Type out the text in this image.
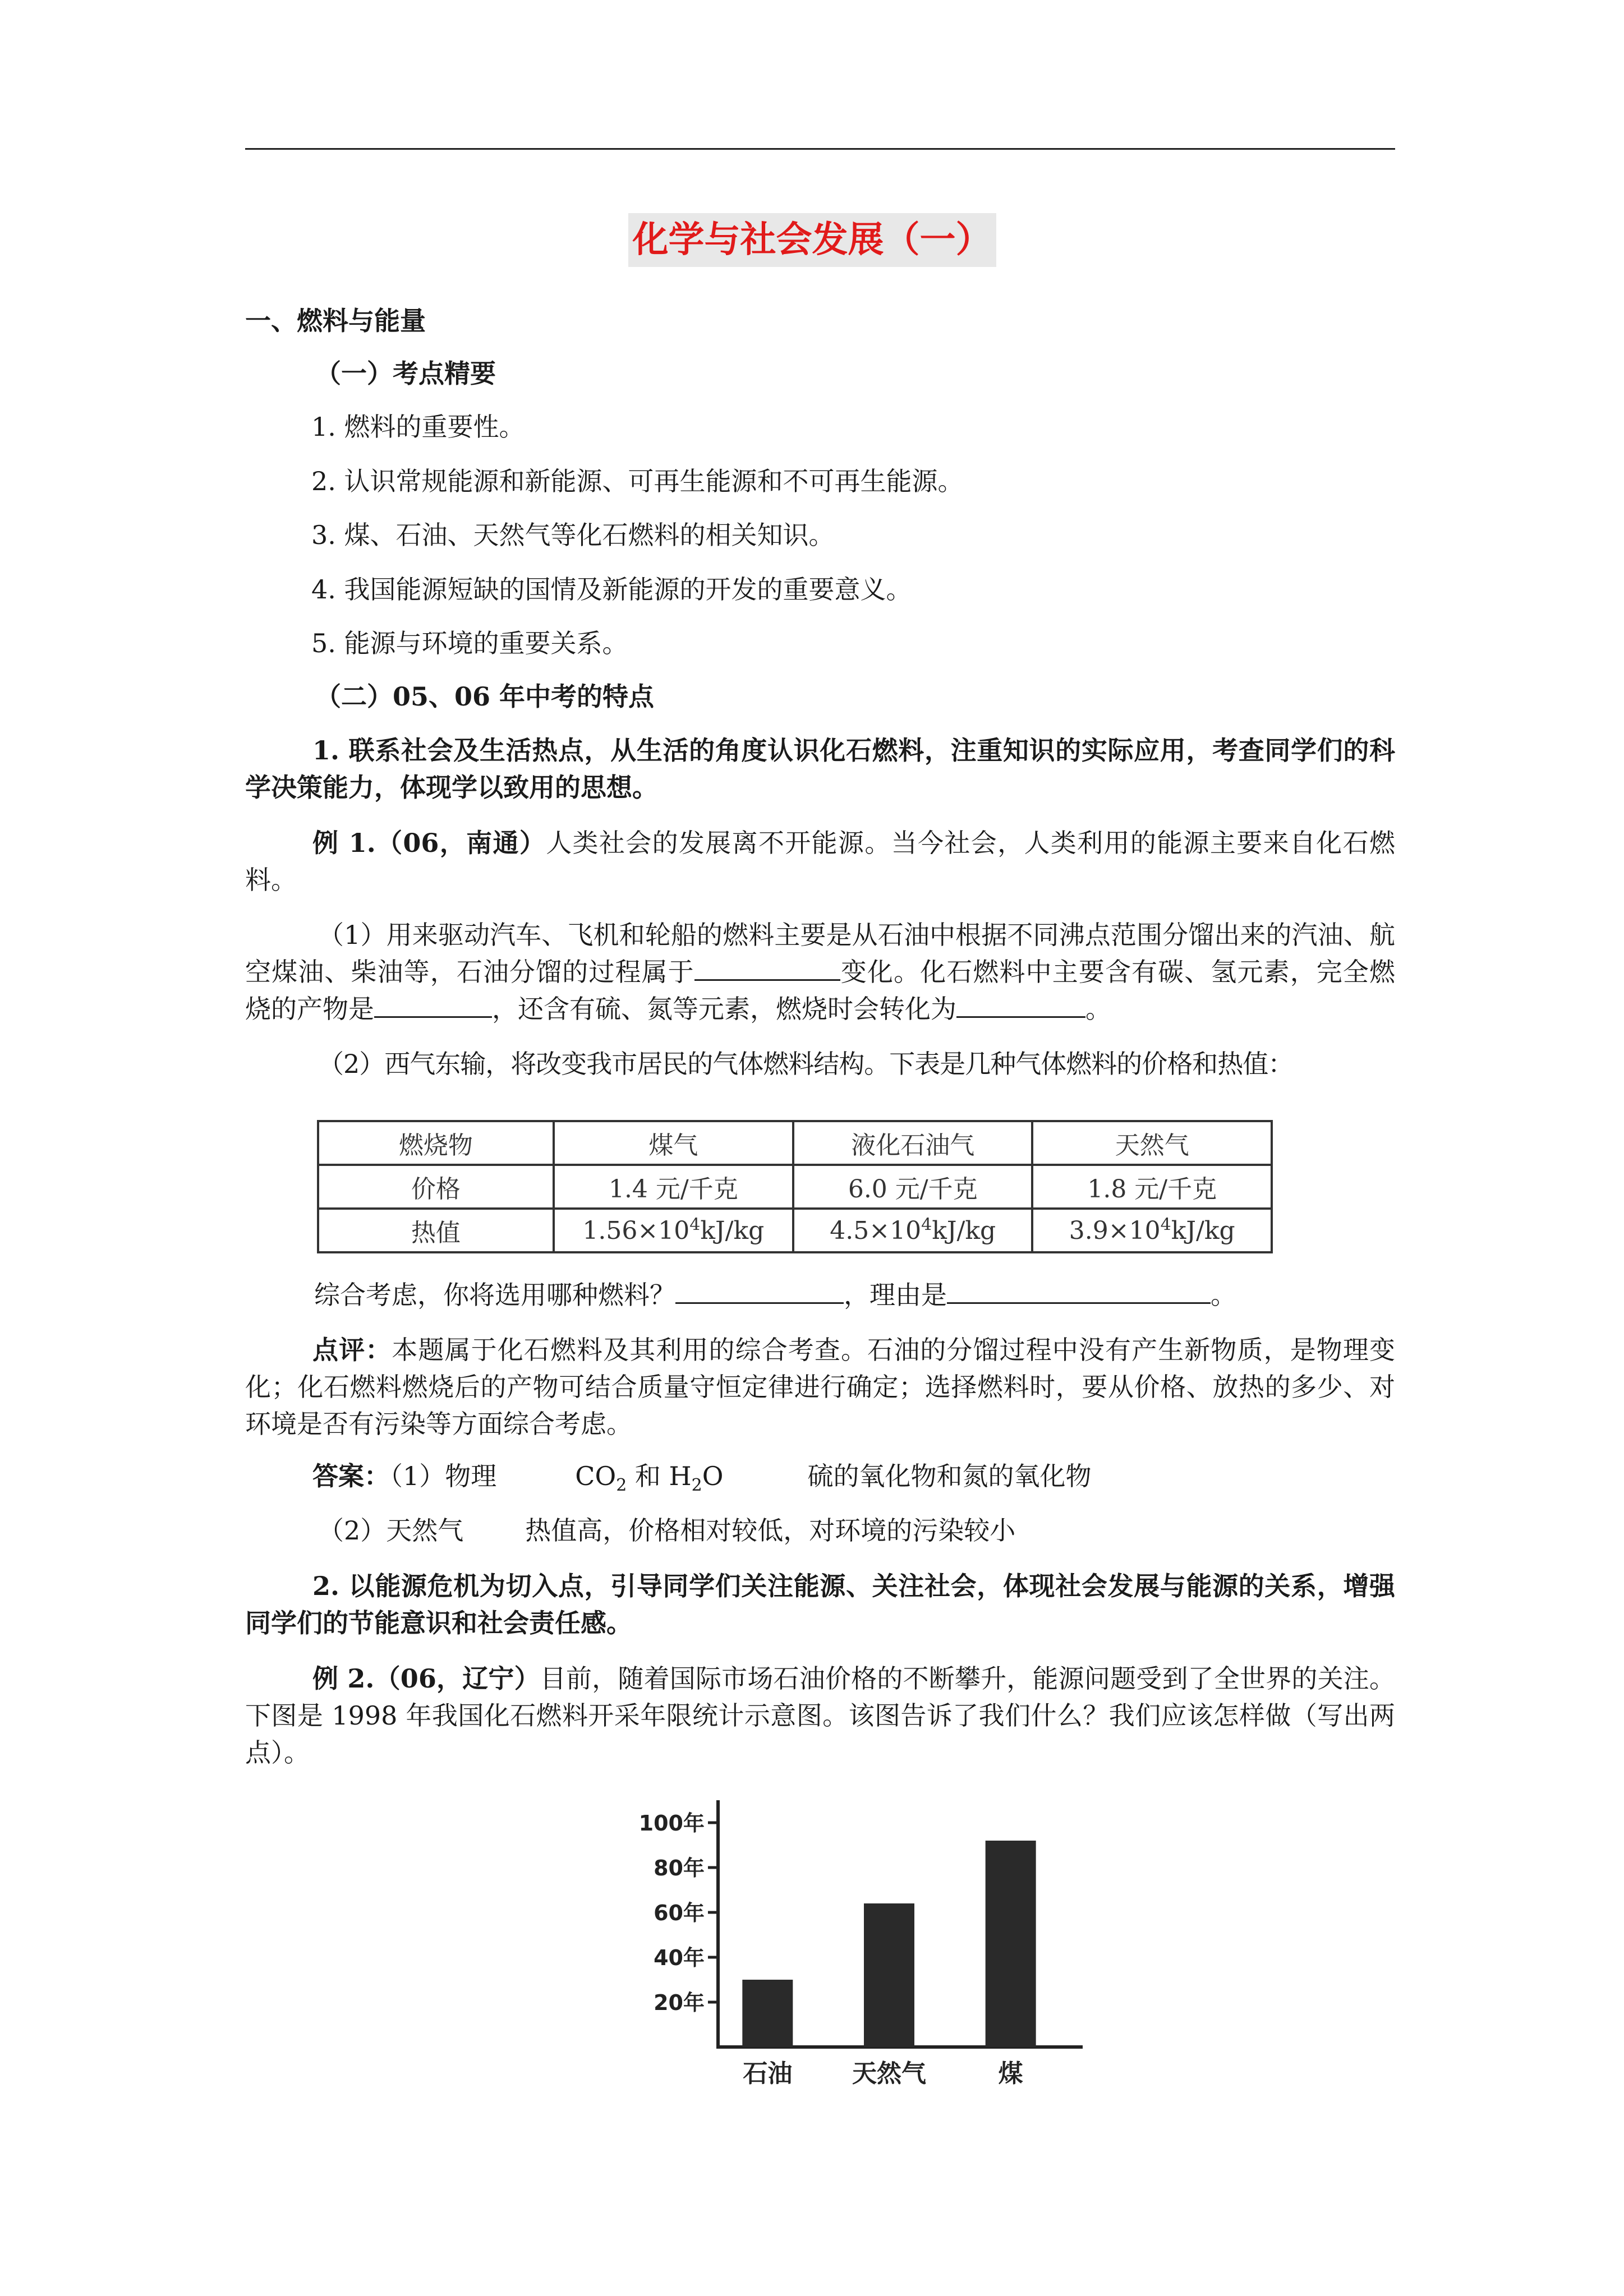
化学与社会发展（一）
一、燃料与能量
（一）考点精要
1. 燃料的重要性。
2. 认识常规能源和新能源、可再生能源和不可再生能源。
3. 煤、石油、天然气等化石燃料的相关知识。
4. 我国能源短缺的国情及新能源的开发的重要意义。
5. 能源与环境的重要关系。
（二）05、06 年中考的特点
1. 联系社会及生活热点，从生活的角度认识化石燃料，注重知识的实际应用，考查同学们的科学决策能力，体现学以致用的思想。
例 1.（06，南通）人类社会的发展离不开能源。当今社会，人类利用的能源主要来自化石燃料。
（1）用来驱动汽车、飞机和轮船的燃料主要是从石油中根据不同沸点范围分馏出来的汽油、航空煤油、柴油等，石油分馏的过程属于	变化。化石燃料中主要含有碳、氢元素，完全燃烧的产物是	，还含有硫、氮等元素，燃烧时会转化为	。
（2）西气东输，将改变我市居民的气体燃料结构。下表是几种气体燃料的价格和热值：
燃烧物	煤气	液化石油气	天然气
价格	1.4 元/千克	6.0 元/千克	1.8 元/千克
热值	$1.56\times 10^4kJ/kg$	$4.5\times 10^4kJ/kg$	$3.9\times 10^4kJ/kg$
综合考虑，你将选用哪种燃料？	，理由是	。
点评：本题属于化石燃料及其利用的综合考查。石油的分馏过程中没有产生新物质，是物理变化；化石燃料燃烧后的产物可结合质量守恒定律进行确定；选择燃料时，要从价格、放热的多少、对环境是否有污染等方面综合考虑。
答案：（1）物理	$CO_2$ 和 $H_2O$	硫的氧化物和氮的氧化物
（2）天然气 热值高，价格相对较低，对环境的污染较小
2. 以能源危机为切入点，引导同学们关注能源、关注社会，体现社会发展与能源的关系，增强同学们的节能意识和社会责任感。
例 2.（06，辽宁）目前，随着国际市场石油价格的不断攀升，能源问题受到了全世界的关注。下图是 1998 年我国化石燃料开采年限统计示意图。该图告诉了我们什么？我们应该怎样做（写出两点）。
20年
40年
60年
80年
100年
石油 天然气	煤
